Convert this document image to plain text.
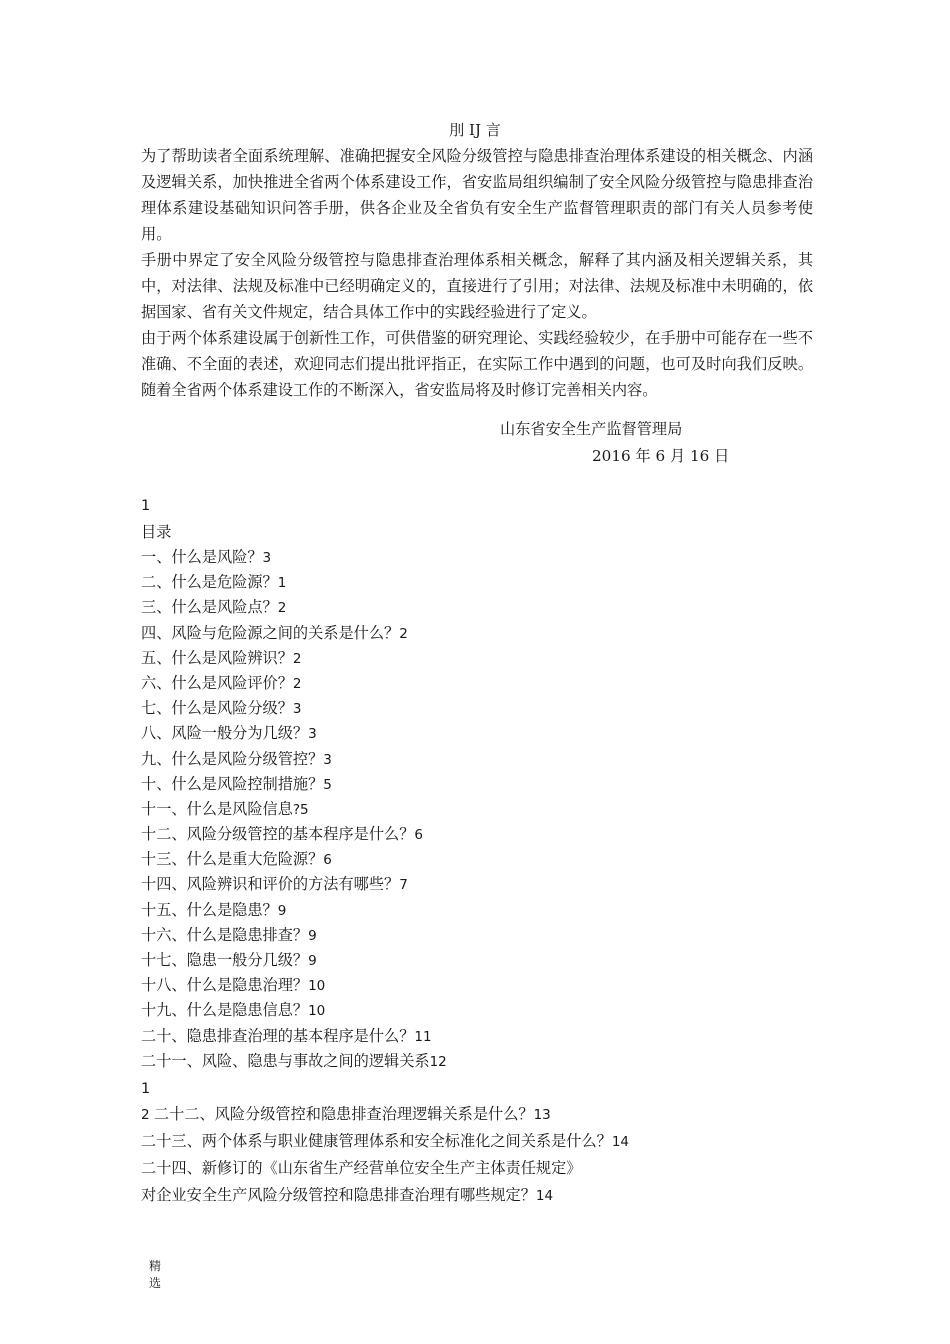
刖 IJ 言

为了帮助读者全面系统理解、准确把握安全风险分级管控与隐患排查治理体系建设的相关概念、内涵及逻辑关系，加快推进全省两个体系建设工作，省安监局组织编制了安全风险分级管控与隐患排查治理体系建设基础知识问答手册，供各企业及全省负有安全生产监督管理职责的部门有关人员参考使用。

手册中界定了安全风险分级管控与隐患排查治理体系相关概念，解释了其内涵及相关逻辑关系，其中，对法律、法规及标准中已经明确定义的，直接进行了引用；对法律、法规及标准中未明确的，依据国家、省有关文件规定，结合具体工作中的实践经验进行了定义。

由于两个体系建设属于创新性工作，可供借鉴的研究理论、实践经验较少，在手册中可能存在一些不准确、不全面的表述，欢迎同志们提出批评指正，在实际工作中遇到的问题，也可及时向我们反映。随着全省两个体系建设工作的不断深入，省安监局将及时修订完善相关内容。

山东省安全生产监督管理局
2016 年 6 月 16 日
1
目录
一、什么是风险？3
二、什么是危险源？1
三、什么是风险点？2
四、风险与危险源之间的关系是什么？2
五、什么是风险辨识？2
六、什么是风险评价？2
七、什么是风险分级？3
八、风险一般分为几级？3
九、什么是风险分级管控？3
十、什么是风险控制措施？5
十一、什么是风险信息?5
十二、风险分级管控的基本程序是什么？6
十三、什么是重大危险源？6
十四、风险辨识和评价的方法有哪些？7
十五、什么是隐患？9
十六、什么是隐患排查？9
十七、隐患一般分几级？9
十八、什么是隐患治理？10
十九、什么是隐患信息？10
二十、隐患排查治理的基本程序是什么？11
二十一、风险、隐患与事故之间的逻辑关系12
1
2 二十二、风险分级管控和隐患排查治理逻辑关系是什么？13
二十三、两个体系与职业健康管理体系和安全标准化之间关系是什么？14
二十四、新修订的《山东省生产经营单位安全生产主体责任规定》
对企业安全生产风险分级管控和隐患排查治理有哪些规定？14
精选
